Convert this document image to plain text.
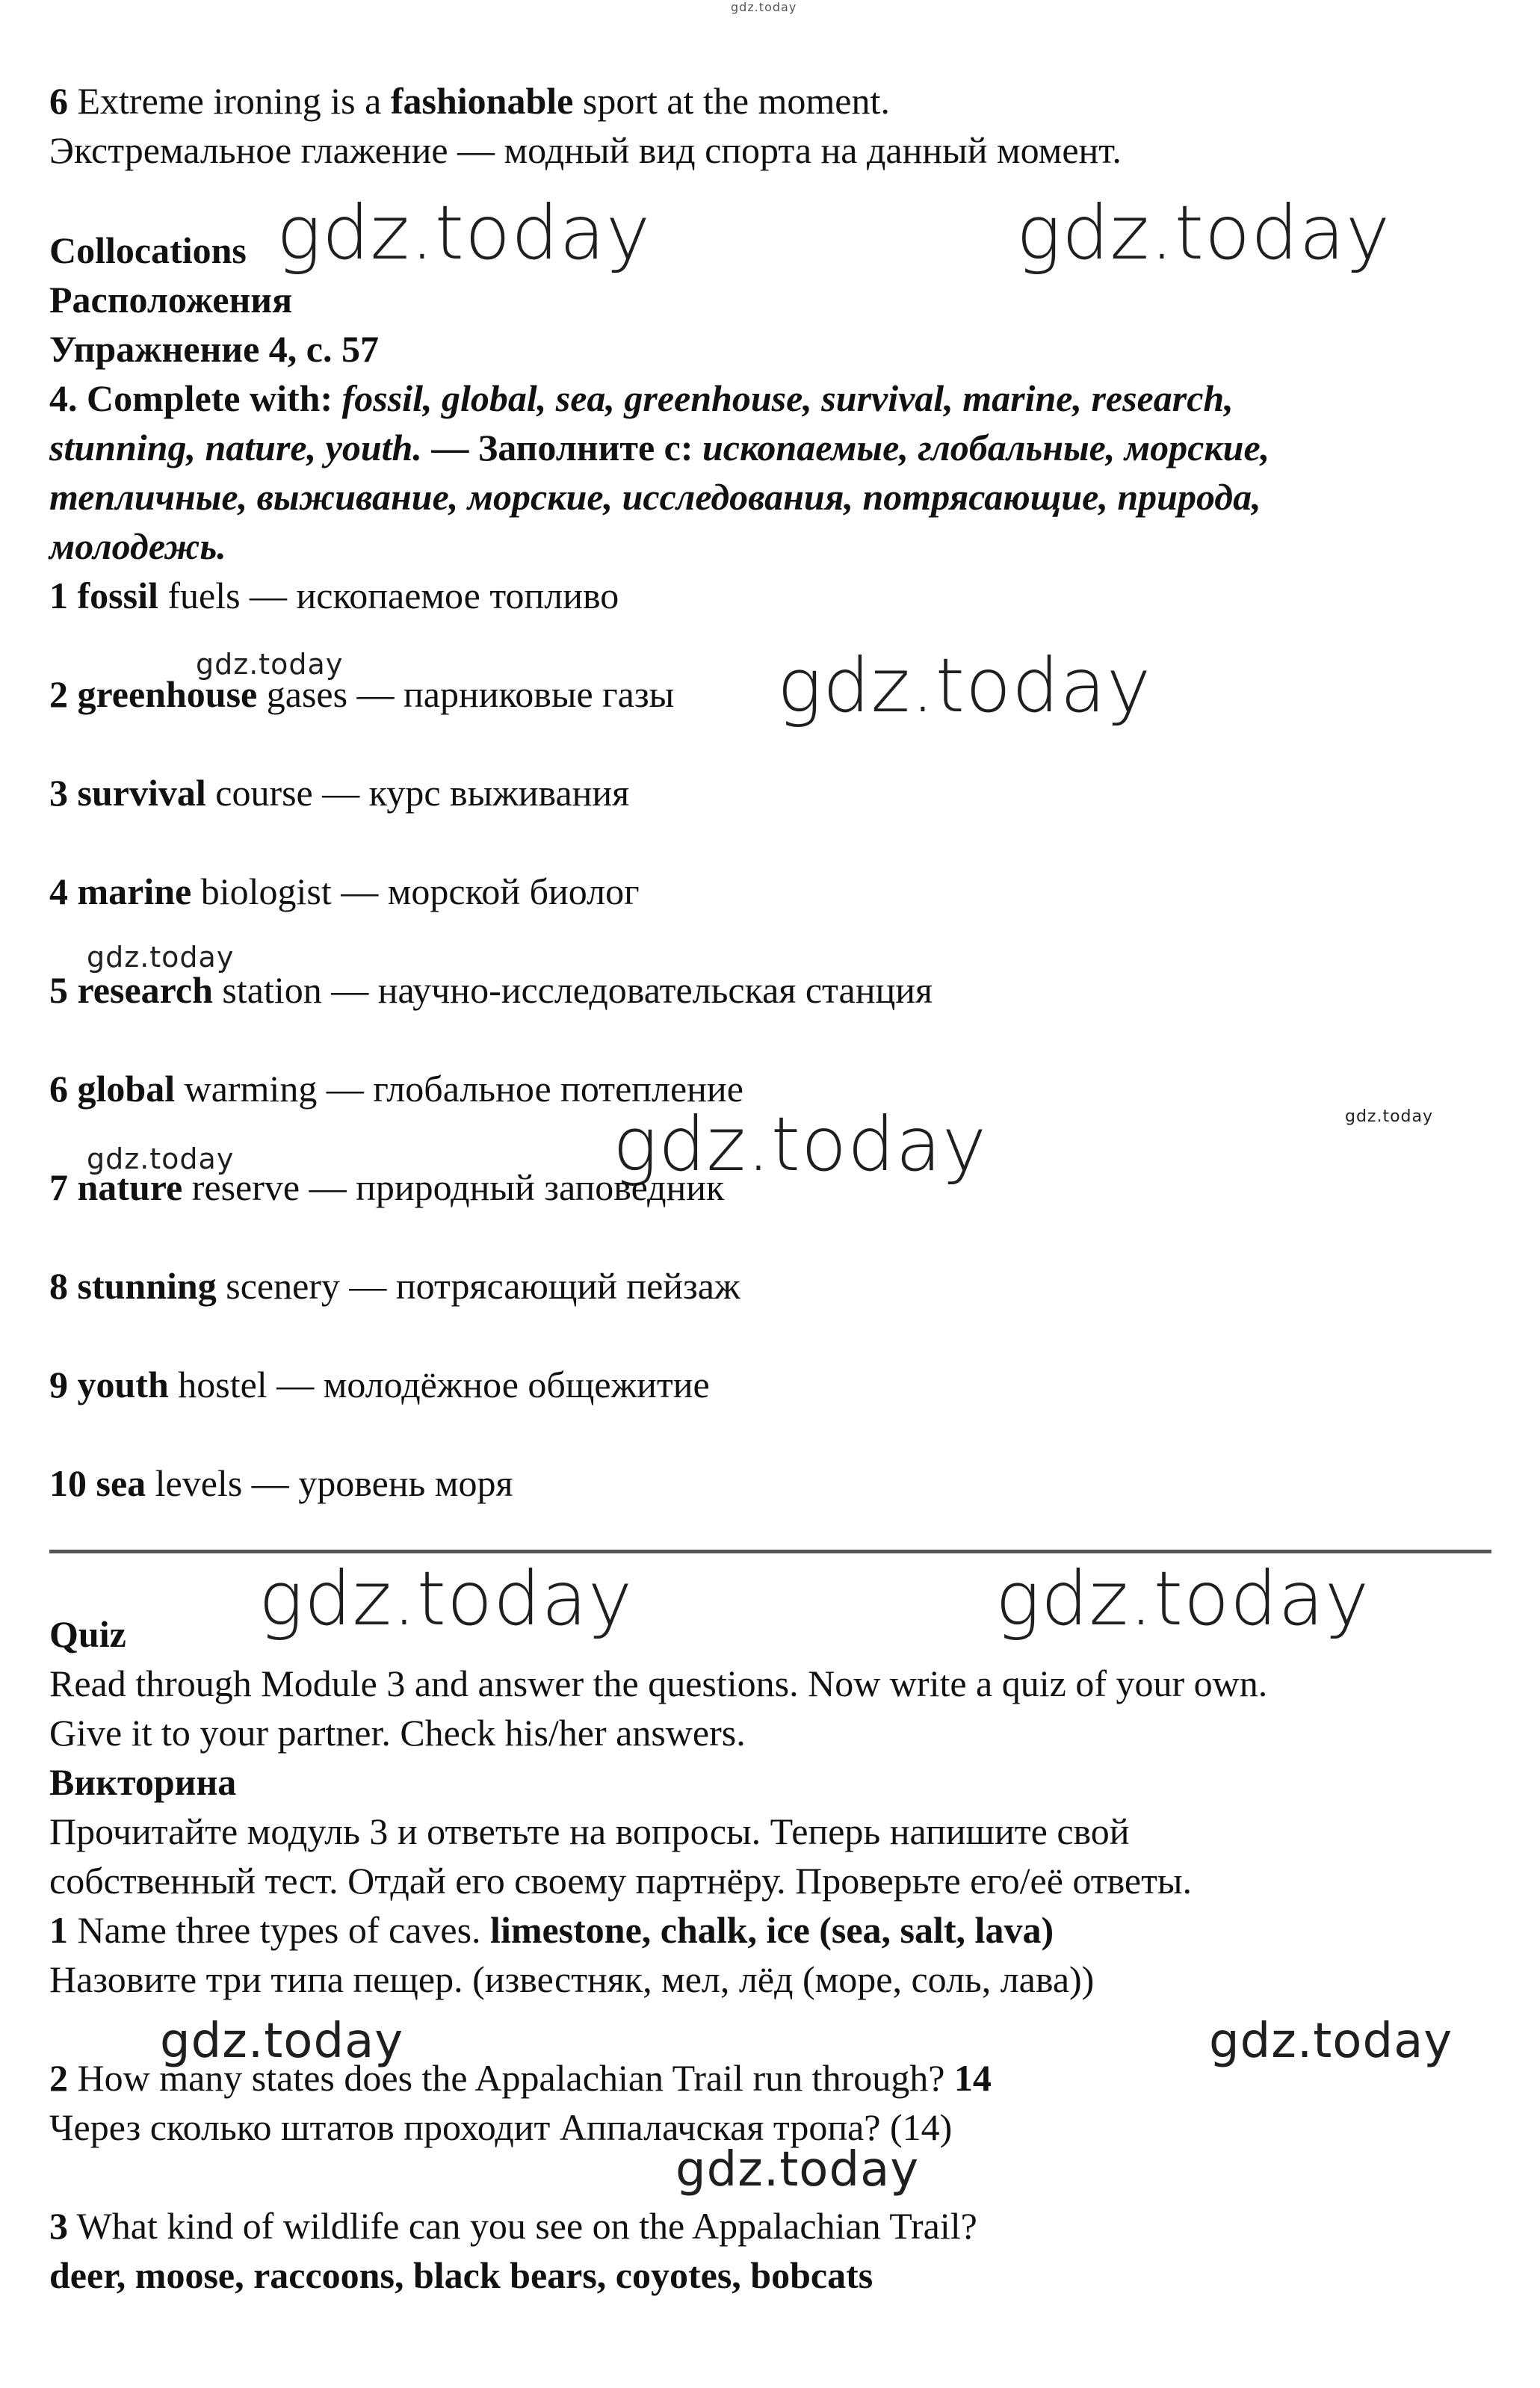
gdz.today
gdz.today	gdz.today
gdz.today	gdz.today
gdz.today
gdz.today
gdz.today
gdz.today
gdz.today	gdz.today
gdz.today	gdz.today
gdz.today

6 Extreme ironing is a fashionable sport at the moment.

Экстремальное глажение — модный вид спорта на данный момент.

Collocations

Расположения

Упражнение 4, с. 57

4. Complete with: fossil, global, sea, greenhouse, survival, marine, research,

stunning, nature, youth. — Заполните с: ископаемые, глобальные, морские,

тепличные, выживание, морские, исследования, потрясающие, природа,

молодежь.

1 fossil fuels — ископаемое топливо

2 greenhouse gases — парниковые газы

3 survival course — курс выживания

4 marine biologist — морской биолог

5 research station — научно-исследовательская станция

6 global warming — глобальное потепление

7 nature reserve — природный заповедник

8 stunning scenery — потрясающий пейзаж

9 youth hostel — молодёжное общежитие

10 sea levels — уровень моря

Quiz

Read through Module 3 and answer the questions. Now write a quiz of your own.

Give it to your partner. Check his/her answers.

Викторина

Прочитайте модуль 3 и ответьте на вопросы. Теперь напишите свой

собственный тест. Отдай его своему партнёру. Проверьте его/её ответы.

1 Name three types of caves. limestone, chalk, ice (sea, salt, lava)

Назовите три типа пещер. (известняк, мел, лёд (море, соль, лава))

2 How many states does the Appalachian Trail run through? 14

Через сколько штатов проходит Аппалачская тропа? (14)

3 What kind of wildlife can you see on the Appalachian Trail?

deer, moose, raccoons, black bears, coyotes, bobcats
